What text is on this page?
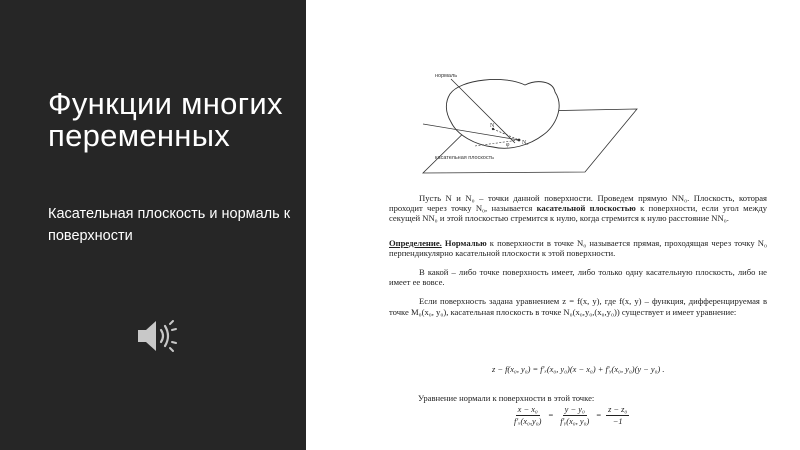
Функции многих переменных
Касательная плоскость и нормаль к поверхности
нормаль
касательная плоскость
N
N₀
φ

Пусть N и N₀ – точки данной поверхности. Проведем прямую NN₀. Плоскость, которая проходит через точку N₀, называется касательной плоскостью к поверхности, если угол между секущей NN₀ и этой плоскостью стремится к нулю, когда стремится к нулю расстояние NN₀.

Определение. Нормалью к поверхности в точке N₀ называется прямая, проходящая через точку N₀ перпендикулярно касательной плоскости к этой поверхности.

В какой – либо точке поверхность имеет, либо только одну касательную плоскость, либо не имеет ее вовсе.

Если поверхность задана уравнением z = f(x, y), где f(x, y) – функция, дифференцируемая в точке M₀(x₀, y₀), касательная плоскость в точке N₀(x₀,y₀,(x₀,y₀)) существует и имеет уравнение:

z − f(x₀, y₀) = f′ₓ(x₀, y₀)(x − x₀) + f′ᵧ(x₀, y₀)(y − y₀) .
Уравнение нормали к поверхности в этой точке:
$\frac{\text{x − x₀}}{\text{f′ₓ(x₀,y₀)}} = \frac{\text{y − y₀}}{\text{f′ᵧ(x₀, y₀)}} = \frac{\text{z − z₀}}{-1}$
